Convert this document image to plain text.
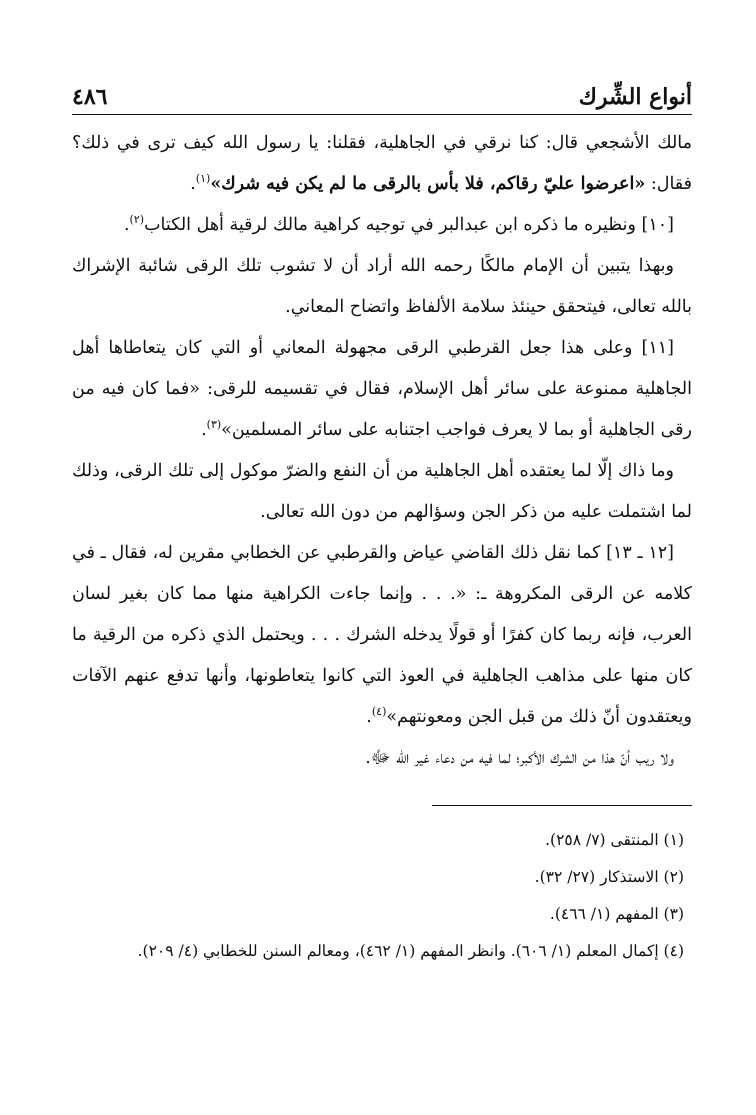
أنواع الشِّرك
٤٨٦

مالك الأشجعي قال: كنا نرقي في الجاهلية، فقلنا: يا رسول الله كيف ترى في ذلك؟ فقال: «اعرضوا عليّ رقاكم، فلا بأس بالرقى ما لم يكن فيه شرك»$^{(١)}$.

[١٠] ونظيره ما ذكره ابن عبدالبر في توجيه كراهية مالك لرقية أهل الكتاب$^{(٢)}$.

وبهذا يتبين أن الإمام مالكًا رحمه الله أراد أن لا تشوب تلك الرقى شائبة الإشراك بالله تعالى، فيتحقق حينئذ سلامة الألفاظ واتضاح المعاني.

[١١] وعلى هذا جعل القرطبي الرقى مجهولة المعاني أو التي كان يتعاطاها أهل الجاهلية ممنوعة على سائر أهل الإسلام، فقال في تقسيمه للرقى: «فما كان فيه من رقى الجاهلية أو بما لا يعرف فواجب اجتنابه على سائر المسلمين»$^{(٣)}$.

وما ذاك إلّا لما يعتقده أهل الجاهلية من أن النفع والضرّ موكول إلى تلك الرقى، وذلك لما اشتملت عليه من ذكر الجن وسؤالهم من دون الله تعالى.

[١٢ ـ ١٣] كما نقل ذلك القاضي عياض والقرطبي عن الخطابي مقرين له، فقال ـ في كلامه عن الرقى المكروهة ـ: «. . . وإنما جاءت الكراهية منها مما كان بغير لسان العرب، فإنه ربما كان كفرًا أو قولًا يدخله الشرك . . . ويحتمل الذي ذكره من الرقية ما كان منها على مذاهب الجاهلية في العوذ التي كانوا يتعاطونها، وأنها تدفع عنهم الآفات ويعتقدون أنّ ذلك من قبل الجن ومعونتهم»$^{(٤)}$.

ولا ريب أنّ هذا من الشرك الأكبر؛ لما فيه من دعاء غير الله ﷻ.

(١) المنتقى (٧/ ٢٥٨).
(٢) الاستذكار (٢٧/ ٣٢).
(٣) المفهم (١/ ٤٦٦).
(٤) إكمال المعلم (١/ ٦٠٦). وانظر المفهم (١/ ٤٦٢)، ومعالم السنن للخطابي (٤/ ٢٠٩).
